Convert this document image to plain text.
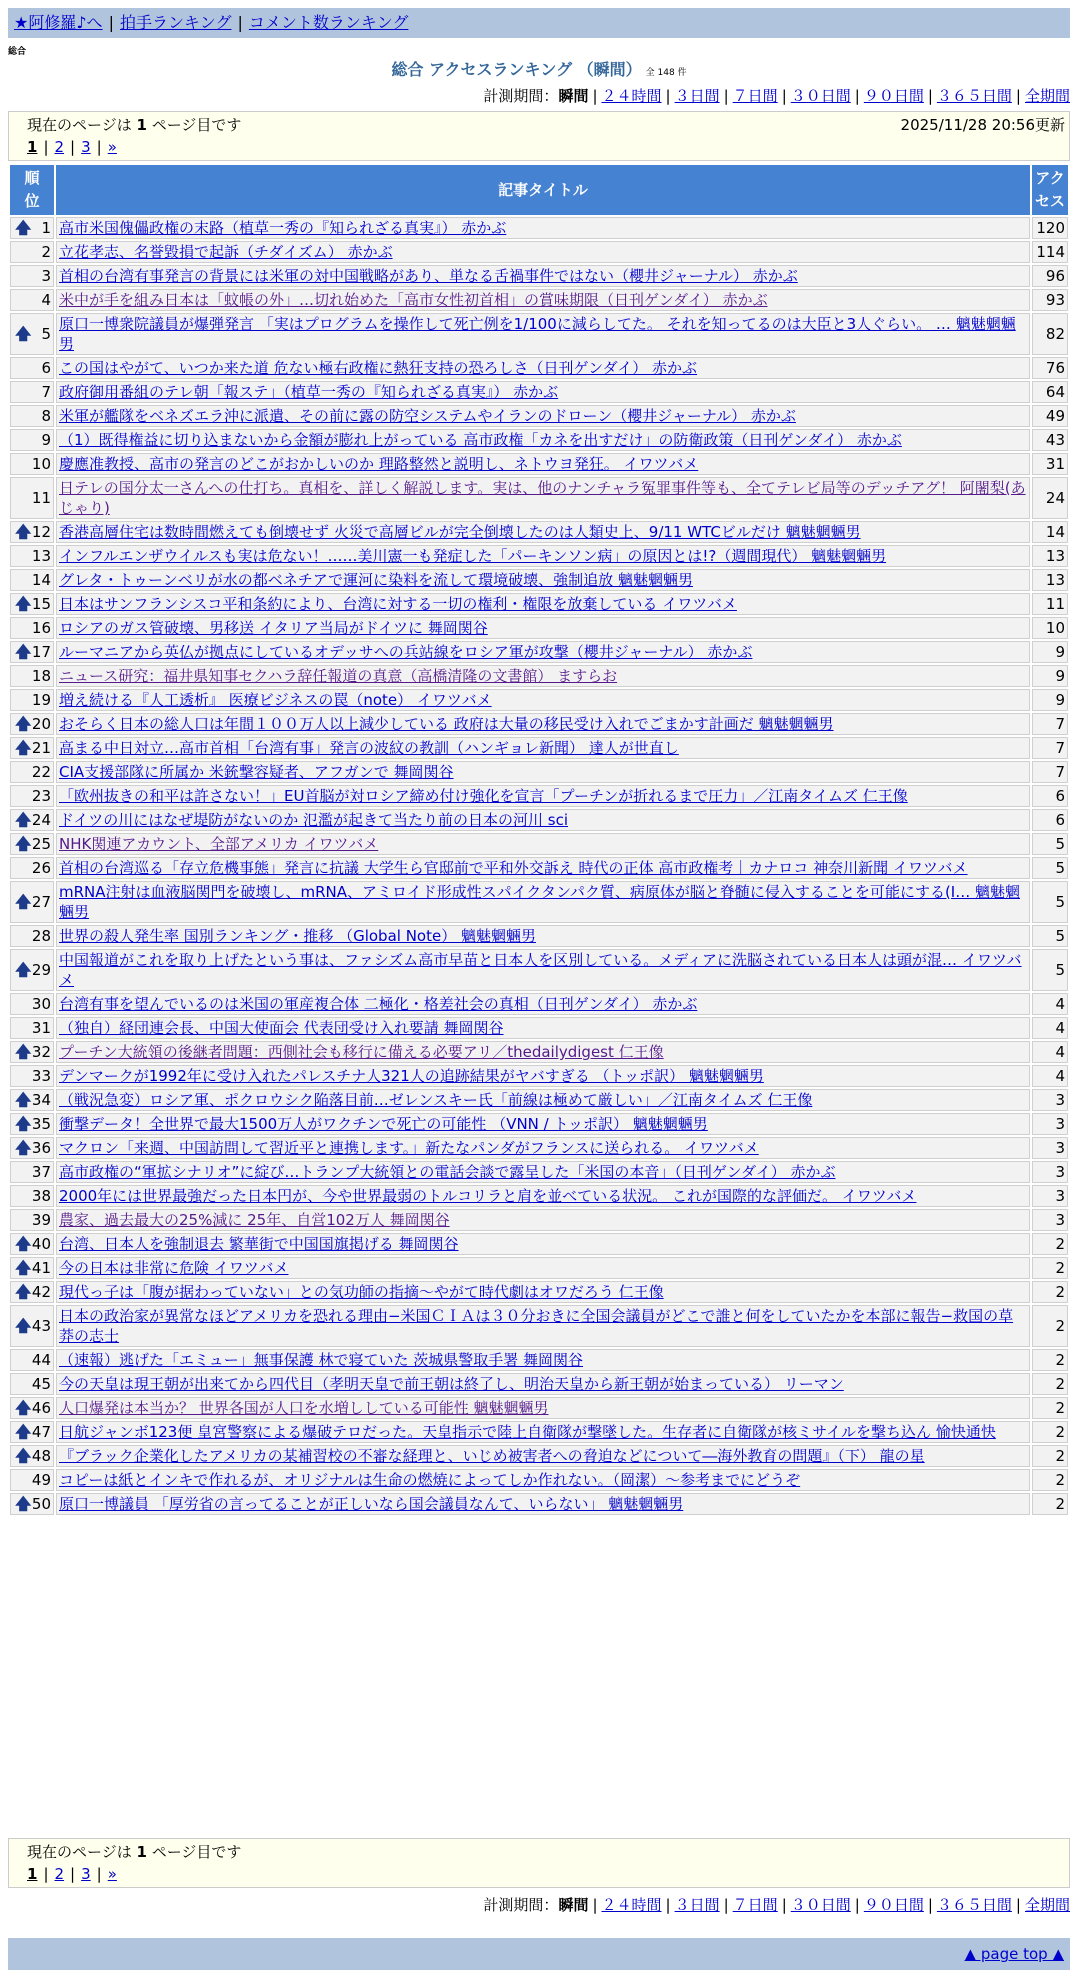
★阿修羅♪へ | 拍手ランキング | コメント数ランキング
総合
総合 アクセスランキング （瞬間） 全 148 件
計測期間：瞬間 | ２４時間 | ３日間 | ７日間 | ３０日間 | ９０日間 | ３６５日間 | 全期間
現在のページは 1 ページ目です	2025/11/28 20:56更新
1 | 2 | 3 | »
順位	記事タイトル	アクセス

🡅 1	高市米国傀儡政権の末路（植草一秀の『知られざる真実』） 赤かぶ	120
2	立花孝志、名誉毀損で起訴（チダイズム） 赤かぶ	114
3	首相の台湾有事発言の背景には米軍の対中国戦略があり、単なる舌禍事件ではない（櫻井ジャーナル） 赤かぶ	96
4	米中が手を組み日本は「蚊帳の外」…切れ始めた「高市女性初首相」の賞味期限（日刊ゲンダイ） 赤かぶ	93

🡅 5	原口一博衆院議員が爆弾発言 「実はプログラムを操作して死亡例を1/100に減らしてた。 それを知ってるのは大臣と3人ぐらい。 … 魑魅魍魎男	82
6	この国はやがて、いつか来た道 危ない極右政権に熱狂支持の恐ろしさ（日刊ゲンダイ） 赤かぶ	76
7	政府御用番組のテレ朝「報ステ」（植草一秀の『知られざる真実』） 赤かぶ	64
8	米軍が艦隊をベネズエラ沖に派遣、その前に露の防空システムやイランのドローン（櫻井ジャーナル） 赤かぶ	49
9	（1）既得権益に切り込まないから金額が膨れ上がっている 高市政権「カネを出すだけ」の防衛政策（日刊ゲンダイ） 赤かぶ	43
10	慶應准教授、高市の発言のどこがおかしいのか 理路整然と説明し、ネトウヨ発狂。 イワツバメ	31
11	日テレの国分太一さんへの仕打ち。真相を、詳しく解説します。実は、他のナンチャラ冤罪事件等も、全てテレビ局等のデッチアグ！ 阿闍梨(あじゃり)	24

🡅 12	香港高層住宅は数時間燃えても倒壊せず 火災で高層ビルが完全倒壊したのは人類史上、9/11 WTCビルだけ 魑魅魍魎男	14
13	インフルエンザウイルスも実は危ない！……美川憲一も発症した「パーキンソン病」の原因とは!?（週間現代） 魑魅魍魎男	13
14	グレタ・トゥーンベリが水の都ベネチアで運河に染料を流して環境破壊、強制追放 魑魅魍魎男	13

🡅 15	日本はサンフランシスコ平和条約により、台湾に対する一切の権利・権限を放棄している イワツバメ	11
16	ロシアのガス管破壊、男移送 イタリア当局がドイツに 舞岡関谷	10

🡅 17	ルーマニアから英仏が拠点にしているオデッサへの兵站線をロシア軍が攻撃（櫻井ジャーナル） 赤かぶ	9
18	ニュース研究：福井県知事セクハラ辞任報道の真意（高橋清隆の文書館） ますらお	9
19	増え続ける『人工透析』 医療ビジネスの罠（note） イワツバメ	9

🡅 20	おそらく日本の総人口は年間１００万人以上減少している 政府は大量の移民受け入れでごまかす計画だ 魑魅魍魎男	7

🡅 21	高まる中日対立…高市首相「台湾有事」発言の波紋の教訓（ハンギョレ新聞） 達人が世直し	7
22	CIA支援部隊に所属か 米銃撃容疑者、アフガンで 舞岡関谷	7
23	「欧州抜きの和平は許さない！」EU首脳が対ロシア締め付け強化を宣言「プーチンが折れるまで圧力」／江南タイムズ 仁王像	6

🡅 24	ドイツの川にはなぜ堤防がないのか 氾濫が起きて当たり前の日本の河川 sci	6

🡅 25	NHK関連アカウント、全部アメリカ イワツバメ	5
26	首相の台湾巡る「存立危機事態」発言に抗議 大学生ら官邸前で平和外交訴え 時代の正体 高市政権考｜カナロコ 神奈川新聞 イワツバメ	5

🡅 27	mRNA注射は血液脳関門を破壊し、mRNA、アミロイド形成性スパイクタンパク質、病原体が脳と脊髄に侵入することを可能にする(I… 魑魅魍魎男	5
28	世界の殺人発生率 国別ランキング・推移 （Global Note） 魑魅魍魎男	5

🡅 29	中国報道がこれを取り上げたという事は、ファシズム高市早苗と日本人を区別している。メディアに洗脳されている日本人は頭が混… イワツバメ	5
30	台湾有事を望んでいるのは米国の軍産複合体 二極化・格差社会の真相（日刊ゲンダイ） 赤かぶ	4
31	（独自）経団連会長、中国大使面会 代表団受け入れ要請 舞岡関谷	4

🡅 32	プーチン大統領の後継者問題：西側社会も移行に備える必要アリ／thedailydigest 仁王像	4
33	デンマークが1992年に受け入れたパレスチナ人321人の追跡結果がヤバすぎる （トッポ訳） 魑魅魍魎男	4

🡅 34	（戦況急変）ロシア軍、ポクロウシク陥落目前…ゼレンスキー氏「前線は極めて厳しい」／江南タイムズ 仁王像	3

🡅 35	衝撃データ！全世界で最大1500万人がワクチンで死亡の可能性 （VNN / トッポ訳） 魑魅魍魎男	3

🡅 36	マクロン「来週、中国訪問して習近平と連携します。」新たなパンダがフランスに送られる。 イワツバメ	3
37	高市政権の“軍拡シナリオ”に綻び…トランプ大統領との電話会談で露呈した「米国の本音」（日刊ゲンダイ） 赤かぶ	3
38	2000年には世界最強だった日本円が、今や世界最弱のトルコリラと肩を並べている状況。 これが国際的な評価だ。 イワツバメ	3
39	農家、過去最大の25%減に 25年、自営102万人 舞岡関谷	3

🡅 40	台湾、日本人を強制退去 繁華街で中国国旗掲げる 舞岡関谷	2

🡅 41	今の日本は非常に危険 イワツバメ	2

🡅 42	現代っ子は「腹が据わっていない」との気功師の指摘〜やがて時代劇はオワだろう 仁王像	2

🡅 43	日本の政治家が異常なほどアメリカを恐れる理由−米国ＣＩＡは３０分おきに全国会議員がどこで誰と何をしていたかを本部に報告−救国の草莽の志士	2
44	（速報）逃げた「エミュー」無事保護 林で寝ていた 茨城県警取手署 舞岡関谷	2
45	今の天皇は現王朝が出来てから四代目（孝明天皇で前王朝は終了し、明治天皇から新王朝が始まっている） リーマン	2

🡅 46	人口爆発は本当か？ 世界各国が人口を水増ししている可能性 魑魅魍魎男	2

🡅 47	日航ジャンボ123便 皇宮警察による爆破テロだった。天皇指示で陸上自衛隊が撃墜した。生存者に自衛隊が核ミサイルを撃ち込ん 愉快通快	2

🡅 48	『ブラック企業化したアメリカの某補習校の不審な経理と、いじめ被害者への脅迫などについて―海外教育の問題』（下） 龍の星	2
49	コピーは紙とインキで作れるが、オリジナルは生命の燃焼によってしか作れない。（岡潔）〜参考までにどうぞ	2

🡅 50	原口一博議員 「厚労省の言ってることが正しいなら国会議員なんて、いらない」 魑魅魍魎男	2
現在のページは 1 ページ目です
1 | 2 | 3 | »
計測期間：瞬間 | ２４時間 | ３日間 | ７日間 | ３０日間 | ９０日間 | ３６５日間 | 全期間
▲ page top ▲
